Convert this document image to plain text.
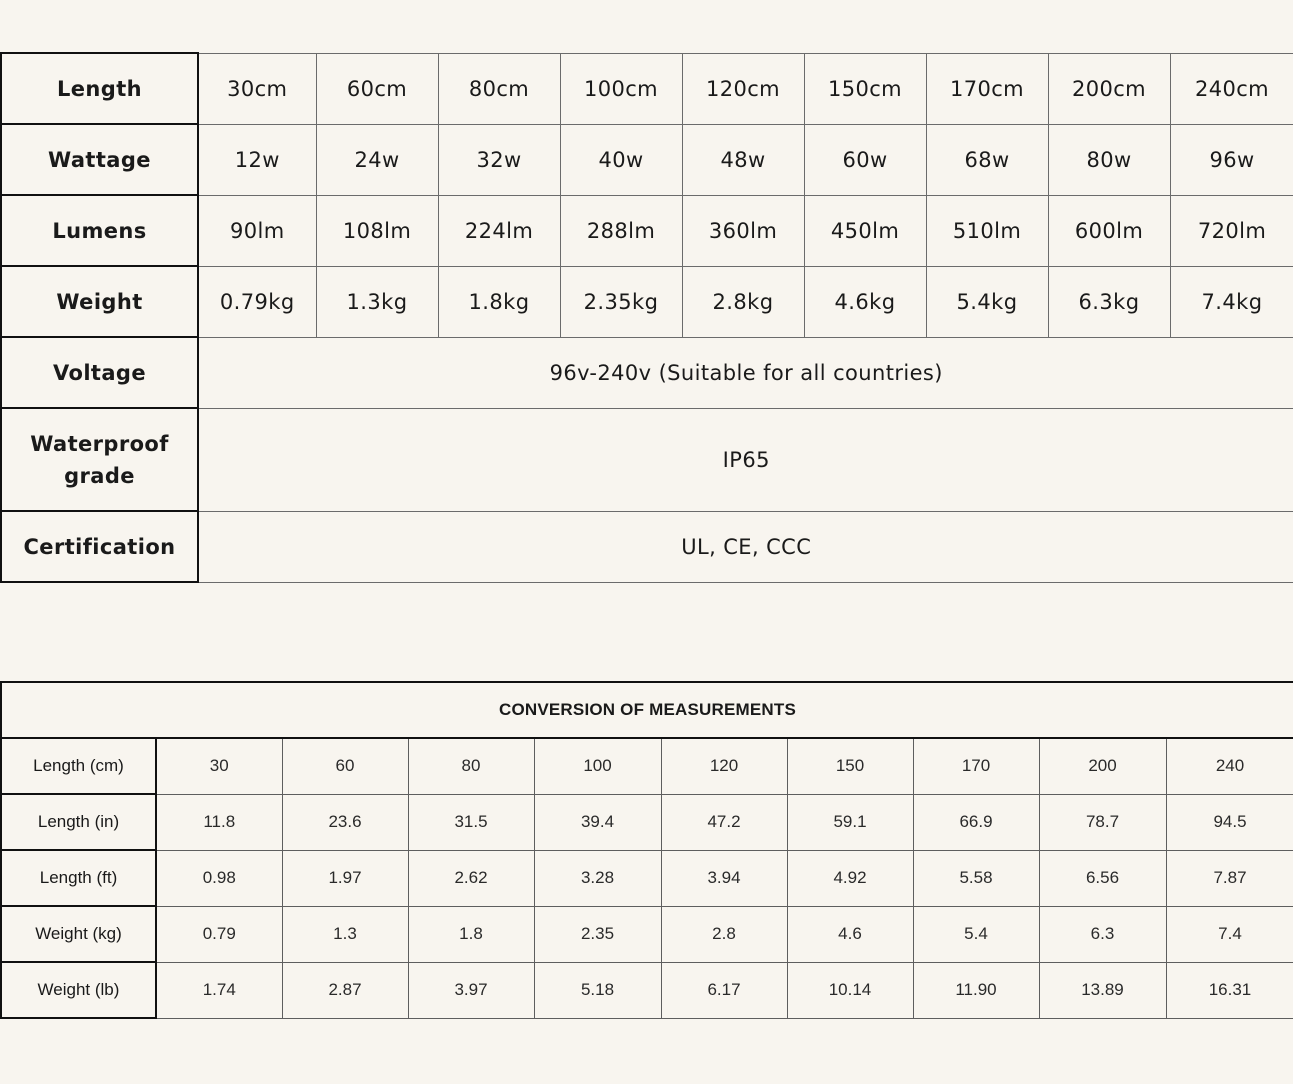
Length	30cm	60cm	80cm	100cm	120cm	150cm	170cm	200cm	240cm
Wattage	12w	24w	32w	40w	48w	60w	68w	80w	96w
Lumens	90lm	108lm	224lm	288lm	360lm	450lm	510lm	600lm	720lm
Weight	0.79kg	1.3kg	1.8kg	2.35kg	2.8kg	4.6kg	5.4kg	6.3kg	7.4kg
Voltage	96v-240v (Suitable for all countries)								
Waterproof
grade	IP65								
Certification	UL, CE, CCC								
CONVERSION OF MEASUREMENTS									
Length (cm)	30	60	80	100	120	150	170	200	240
Length (in)	11.8	23.6	31.5	39.4	47.2	59.1	66.9	78.7	94.5
Length (ft)	0.98	1.97	2.62	3.28	3.94	4.92	5.58	6.56	7.87
Weight (kg)	0.79	1.3	1.8	2.35	2.8	4.6	5.4	6.3	7.4
Weight (lb)	1.74	2.87	3.97	5.18	6.17	10.14	11.90	13.89	16.31
